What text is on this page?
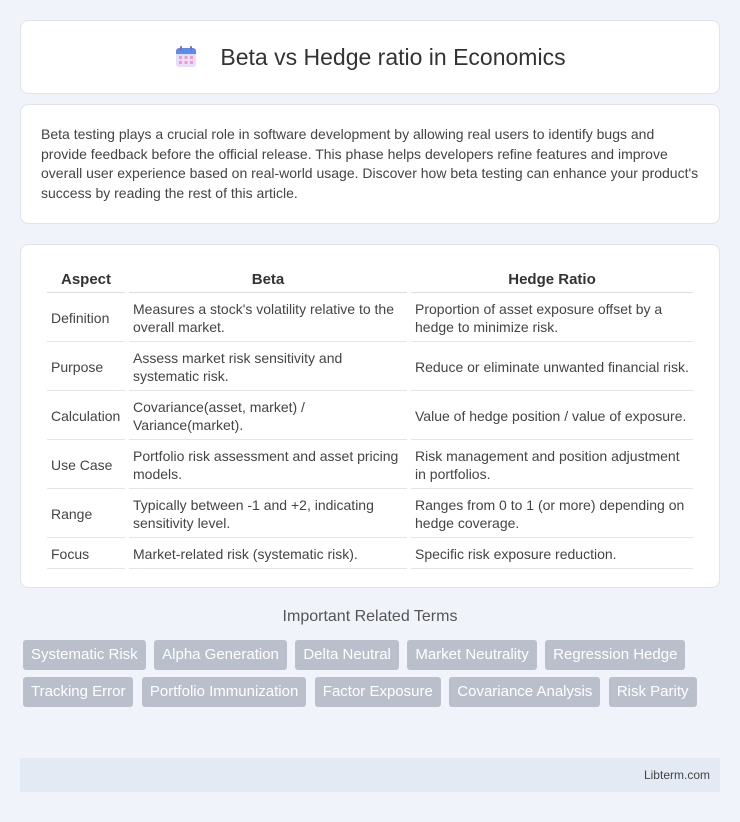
Beta vs Hedge ratio in Economics

Beta testing plays a crucial role in software development by allowing real users to identify bugs and provide feedback before the official release. This phase helps developers refine features and improve overall user experience based on real-world usage. Discover how beta testing can enhance your product's success by reading the rest of this article.

Aspect	Beta	Hedge Ratio
Definition	Measures a stock's volatility relative to the overall market.	Proportion of asset exposure offset by a hedge to minimize risk.
Purpose	Assess market risk sensitivity and systematic risk.	Reduce or eliminate unwanted financial risk.
Calculation	Covariance(asset, market) / Variance(market).	Value of hedge position / value of exposure.
Use Case	Portfolio risk assessment and asset pricing models.	Risk management and position adjustment in portfolios.
Range	Typically between -1 and +2, indicating sensitivity level.	Ranges from 0 to 1 (or more) depending on hedge coverage.
Focus	Market-related risk (systematic risk).	Specific risk exposure reduction.
Important Related Terms
Systematic Risk Alpha Generation Delta Neutral Market Neutrality Regression Hedge Tracking Error Portfolio Immunization Factor Exposure Covariance Analysis Risk Parity
Libterm.com
